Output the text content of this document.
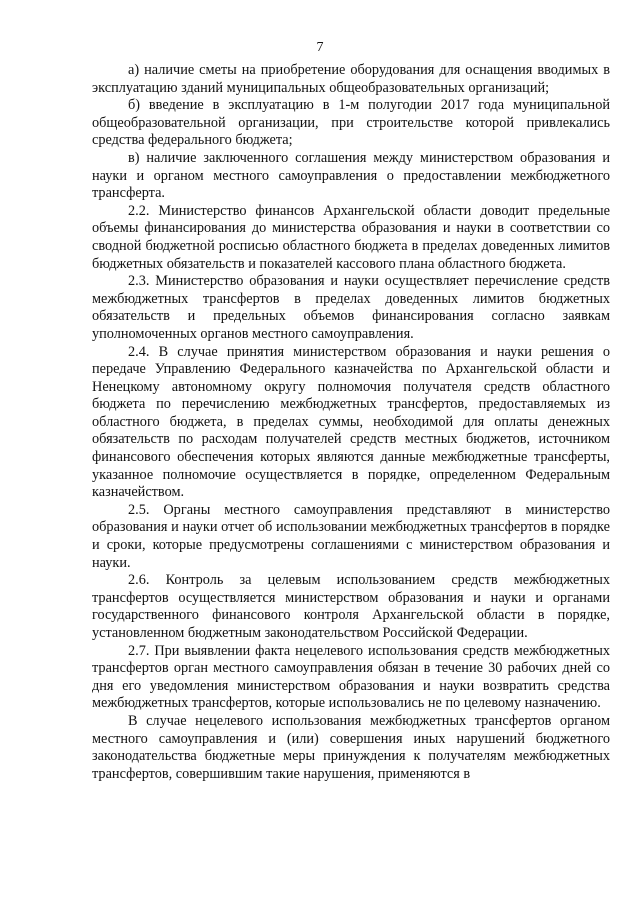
7

а) наличие сметы на приобретение оборудования для оснащения вводимых в эксплуатацию зданий муниципальных общеобразовательных организаций;

б) введение в эксплуатацию в 1-м полугодии 2017 года муниципальной общеобразовательной организации, при строительстве которой привлекались средства федерального бюджета;

в) наличие заключенного соглашения между министерством образования и науки и органом местного самоуправления о предоставлении межбюджетного трансферта.

2.2. Министерство финансов Архангельской области доводит предельные объемы финансирования до министерства образования и науки в соответствии со сводной бюджетной росписью областного бюджета в пределах доведенных лимитов бюджетных обязательств и показателей кассового плана областного бюджета.

2.3. Министерство образования и науки осуществляет перечисление средств межбюджетных трансфертов в пределах доведенных лимитов бюджетных обязательств и предельных объемов финансирования согласно заявкам уполномоченных органов местного самоуправления.

2.4. В случае принятия министерством образования и науки решения о передаче Управлению Федерального казначейства по Архангельской области и Ненецкому автономному округу полномочия получателя средств областного бюджета по перечислению межбюджетных трансфертов, предоставляемых из областного бюджета, в пределах суммы, необходимой для оплаты денежных обязательств по расходам получателей средств местных бюджетов, источником финансового обеспечения которых являются данные межбюджетные трансферты, указанное полномочие осуществляется в порядке, определенном Федеральным казначейством.

2.5. Органы местного самоуправления представляют в министерство образования и науки отчет об использовании межбюджетных трансфертов в порядке и сроки, которые предусмотрены соглашениями с министерством образования и науки.

2.6. Контроль за целевым использованием средств межбюджетных трансфертов осуществляется министерством образования и науки и органами государственного финансового контроля Архангельской области в порядке, установленном бюджетным законодательством Российской Федерации.

2.7. При выявлении факта нецелевого использования средств межбюджетных трансфертов орган местного самоуправления обязан в течение 30 рабочих дней со дня его уведомления министерством образования и науки возвратить средства межбюджетных трансфертов, которые использовались не по целевому назначению.

В случае нецелевого использования межбюджетных трансфертов органом местного самоуправления и (или) совершения иных нарушений бюджетного законодательства бюджетные меры принуждения к получателям межбюджетных трансфертов, совершившим такие нарушения, применяются в
